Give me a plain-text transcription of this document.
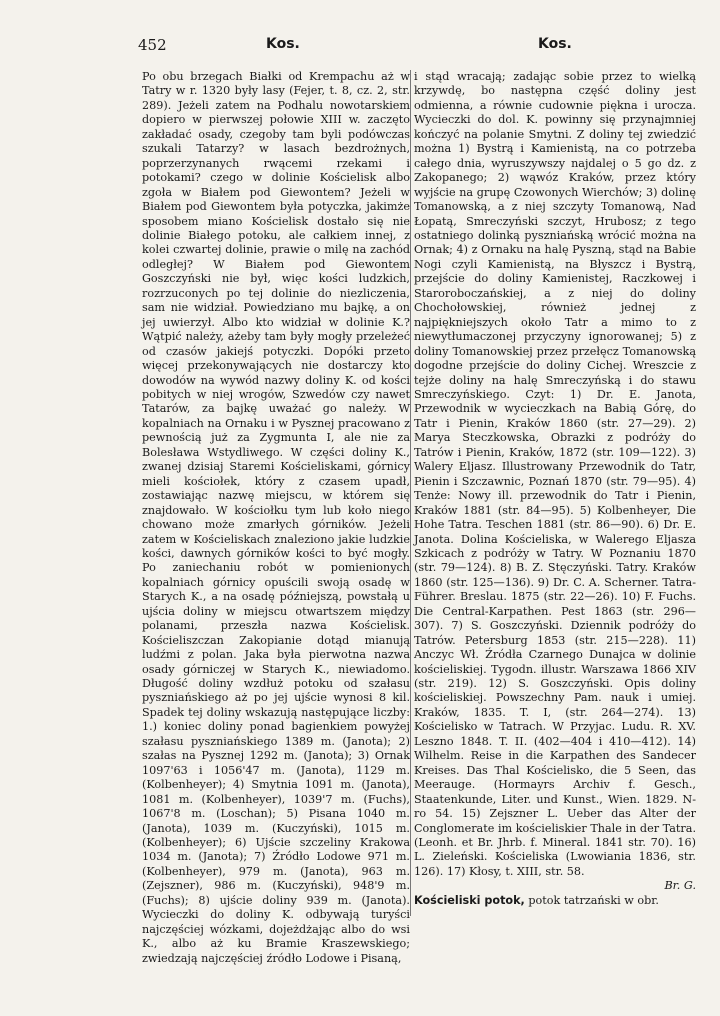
452	Kos.	Kos.

Po obu brzegach Białki od Krempachu aż w Tatry w r. 1320 były lasy (Fejer, t. 8, cz. 2, str. 289). Jeżeli zatem na Podhalu nowotarskiem dopiero w pierwszej połowie XIII w. zaczęto zakładać osady, czegoby tam byli podówczas szukali Tatarzy? w lasach bezdrożnych, poprzerzynanych rwącemi rzekami i potokami? czego w dolinie Kościelisk albo zgoła w Białem pod Giewontem? Jeżeli w Białem pod Giewontem była potyczka, jakimże sposobem miano Kościelisk dostało się nie dolinie Białego potoku, ale całkiem innej, z kolei czwartej dolinie, prawie o milę na zachód odległej? W Białem pod Giewontem Goszczyński nie był, więc kości ludzkich, rozrzuconych po tej dolinie do niezliczenia, sam nie widział. Powiedziano mu bajkę, a on jej uwierzył. Albo kto widział w dolinie K.? Wątpić należy, ażeby tam były mogły przeleżeć od czasów jakiejś potyczki. Dopóki przeto więcej przekonywających nie dostarczy kto dowodów na wywód nazwy doliny K. od kości pobitych w niej wrogów, Szwedów czy nawet Tatarów, za bajkę uważać go należy. W kopalniach na Ornaku i w Pysznej pracowano z pewnością już za Zygmunta I, ale nie za Bolesława Wstydliwego. W części doliny K., zwanej dzisiaj Staremi Kościeliskami, górnicy mieli kościołek, który z czasem upadł, zostawiając nazwę miejscu, w którem się znajdowało. W kościołku tym lub koło niego chowano może zmarłych górników. Jeżeli zatem w Kościeliskach znaleziono jakie ludzkie kości, dawnych górników kości to być mogły. Po zaniechaniu robót w pomienionych kopalniach górnicy opuścili swoją osadę w Starych K., a na osadę późniejszą, powstałą u ujścia doliny w miejscu otwartszem między polanami, przeszła nazwa Kościelisk. Kościeliszczan Zakopianie dotąd mianują ludźmi z polan. Jaka była pierwotna nazwa osady górniczej w Starych K., niewiadomo. Długość doliny wzdłuż potoku od szałasu pyszniańskiego aż po jej ujście wynosi 8 kil. Spadek tej doliny wskazują następujące liczby: 1.) koniec doliny ponad bagienkiem powyżej szałasu pyszniańskiego 1389 m. (Janota); 2) szałas na Pysznej 1292 m. (Janota); 3) Ornak 1097'63 i 1056'47 m. (Janota), 1129 m. (Kolbenheyer); 4) Smytnia 1091 m. (Janota), 1081 m. (Kolbenheyer), 1039'7 m. (Fuchs), 1067'8 m. (Loschan); 5) Pisana 1040 m. (Janota), 1039 m. (Kuczyński), 1015 m. (Kolbenheyer); 6) Ujście szczeliny Krakowa 1034 m. (Janota); 7) Źródło Lodowe 971 m. (Kolbenheyer), 979 m. (Janota), 963 m. (Zejszner), 986 m. (Kuczyński), 948'9 m. (Fuchs); 8) ujście doliny 939 m. (Janota). Wycieczki do doliny K. odbywają turyści najczęściej wózkami, dojeżdżając albo do wsi K., albo aż ku Bramie Kraszewskiego; zwiedzają najczęściej źródło Lodowe i Pisaną,

i stąd wracają; zadając sobie przez to wielką krzywdę, bo następna część doliny jest odmienna, a równie cudownie piękna i urocza. Wycieczki do dol. K. powinny się przynajmniej kończyć na polanie Smytni. Z doliny tej zwiedzić można 1) Bystrą i Kamienistą, na co potrzeba całego dnia, wyruszywszy najdalej o 5 go dz. z Zakopanego; 2) wąwóz Kraków, przez który wyjście na grupę Czowonych Wierchów; 3) dolinę Tomanowską, a z niej szczyty Tomanową, Nad Łopatą, Smreczyński szczyt, Hrubosz; z tego ostatniego dolinką pyszniańską wrócić można na Ornak; 4) z Ornaku na halę Pyszną, stąd na Babie Nogi czyli Kamienistą, na Błyszcz i Bystrą, przejście do doliny Kamienistej, Raczkowej i Staroroboczańskiej, a z niej do doliny Chochołowskiej, również jednej z najpiękniejszych około Tatr a mimo to z niewytłumaczonej przyczyny ignorowanej; 5) z doliny Tomanowskiej przez przełęcz Tomanowską dogodne przejście do doliny Cichej. Wreszcie z tejże doliny na halę Smreczyńską i do stawu Smreczyńskiego. Czyt: 1) Dr. E. Janota, Przewodnik w wycieczkach na Babią Górę, do Tatr i Pienin, Kraków 1860 (str. 27—29). 2) Marya Steczkowska, Obrazki z podróży do Tatrów i Pienin, Kraków, 1872 (str. 109—122). 3) Walery Eljasz. Illustrowany Przewodnik do Tatr, Pienin i Szczawnic, Poznań 1870 (str. 79—95). 4) Tenże: Nowy ill. przewodnik do Tatr i Pienin, Kraków 1881 (str. 84—95). 5) Kolbenheyer, Die Hohe Tatra. Teschen 1881 (str. 86—90). 6) Dr. E. Janota. Dolina Kościeliska, w Walerego Eljasza Szkicach z podróży w Tatry. W Poznaniu 1870 (str. 79—124). 8) B. Z. Stęczyński. Tatry. Kraków 1860 (str. 125—136). 9) Dr. C. A. Scherner. Tatra-Führer. Breslau. 1875 (str. 22—26). 10) F. Fuchs. Die Central-Karpathen. Pest 1863 (str. 296—307). 7) S. Goszczyński. Dziennik podróży do Tatrów. Petersburg 1853 (str. 215—228). 11) Anczyc Wł. Źródła Czarnego Dunajca w dolinie kościeliskiej. Tygodn. illustr. Warszawa 1866 XIV (str. 219). 12) S. Goszczyński. Opis doliny kościeliskiej. Powszechny Pam. nauk i umiej. Kraków, 1835. T. I, (str. 264—274). 13) Kościelisko w Tatrach. W Przyjac. Ludu. R. XV. Leszno 1848. T. II. (402—404 i 410—412). 14) Wilhelm. Reise in die Karpathen des Sandecer Kreises. Das Thal Kościelisko, die 5 Seen, das Meerauge. (Hormayrs Archiv f. Gesch., Staatenkunde, Liter. und Kunst., Wien. 1829. N-ro 54. 15) Zejszner L. Ueber das Alter der Conglomerate im kościeliskier Thale in der Tatra. (Leonh. et Br. Jhrb. f. Mineral. 1841 str. 70). 16) L. Zieleński. Kościeliska (Lwowiania 1836, str. 126). 17) Kłosy, t. XIII, str. 58.

Br. G.

Kościeliski potok, potok tatrzański w obr.
